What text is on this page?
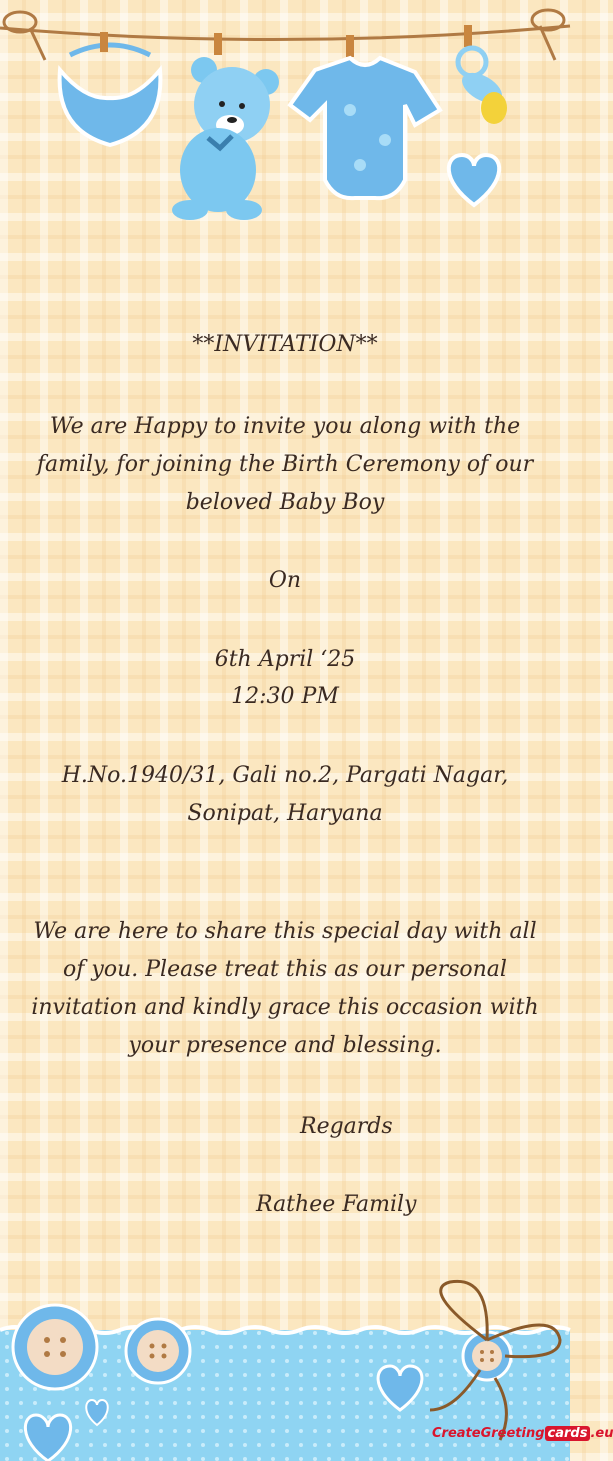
**INVITATION**
We are Happy to invite you along with the family, for joining the Birth Ceremony of our beloved Baby Boy
On
6th April ‘25
12:30 PM
H.No.1940/31, Gali no.2, Pargati Nagar, Sonipat, Haryana
We are here to share this special day with all of you. Please treat this as our personal invitation and kindly grace this occasion with your presence and blessing.
Regards
Rathee Family
CreateGreeting cards .eu
